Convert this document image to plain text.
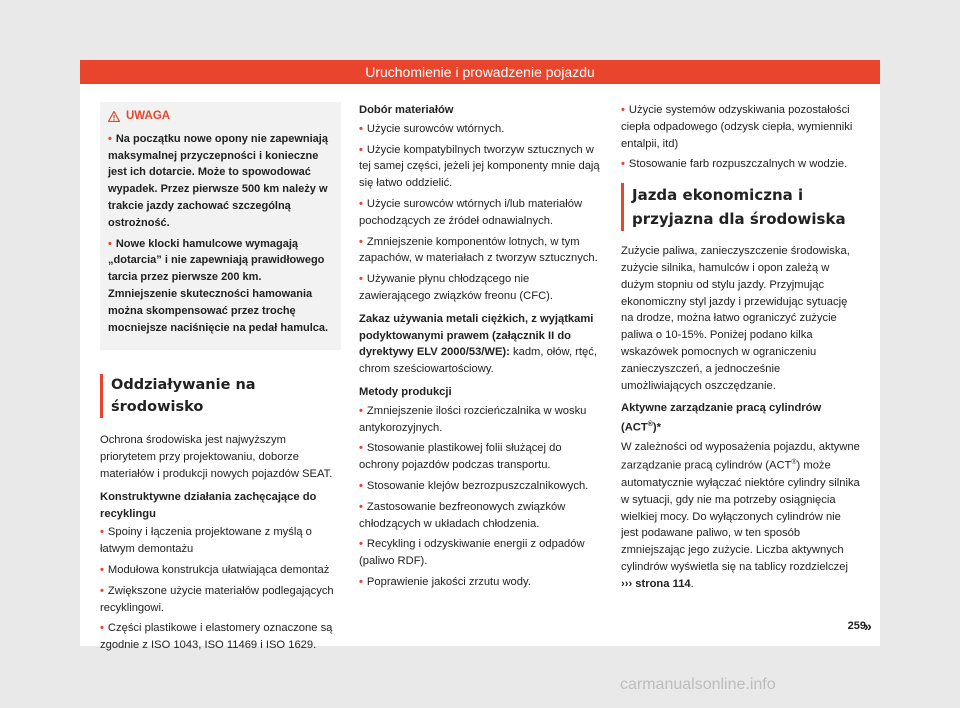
Uruchomienie i prowadzenie pojazdu
UWAGA

• Na początku nowe opony nie zapewniają maksymalnej przyczepności i konieczne jest ich dotarcie. Może to spowodować wypadek. Przez pierwsze 500 km należy w trakcie jazdy zachować szczególną ostrożność.

• Nowe klocki hamulcowe wymagają „dotarcia” i nie zapewniają prawidłowego tarcia przez pierwsze 200 km. Zmniejszenie skuteczności hamowania można skompensować przez trochę mocniejsze naciśnięcie na pedał hamulca.

Oddziaływanie na środowisko

Ochrona środowiska jest najwyższym priorytetem przy projektowaniu, doborze materiałów i produkcji nowych pojazdów SEAT.

Konstruktywne działania zachęcające do recyklingu

• Spoiny i łączenia projektowane z myślą o łatwym demontażu

• Modułowa konstrukcja ułatwiająca demontaż

• Zwiększone użycie materiałów podlegających recyklingowi.

• Części plastikowe i elastomery oznaczone są zgodnie z ISO 1043, ISO 11469 i ISO 1629.

Dobór materiałów

• Użycie surowców wtórnych.

• Użycie kompatybilnych tworzyw sztucznych w tej samej części, jeżeli jej komponenty mnie dają się łatwo oddzielić.

• Użycie surowców wtórnych i/lub materiałów pochodzących ze źródeł odnawialnych.

• Zmniejszenie komponentów lotnych, w tym zapachów, w materiałach z tworzyw sztucznych.

• Używanie płynu chłodzącego nie zawierającego związków freonu (CFC).

Zakaz używania metali ciężkich, z wyjątkami podyktowanymi prawem (załącznik II do dyrektywy ELV 2000/53/WE): kadm, ołów, rtęć, chrom sześciowartościowy.

Metody produkcji

• Zmniejszenie ilości rozcieńczalnika w wosku antykorozyjnych.

• Stosowanie plastikowej folii służącej do ochrony pojazdów podczas transportu.

• Stosowanie klejów bezrozpuszczalnikowych.

• Zastosowanie bezfreonowych związków chłodzących w układach chłodzenia.

• Recykling i odzyskiwanie energii z odpadów (paliwo RDF).

• Poprawienie jakości zrzutu wody.

• Użycie systemów odzyskiwania pozostałości ciepła odpadowego (odzysk ciepła, wymienniki entalpii, itd)

• Stosowanie farb rozpuszczalnych w wodzie.

Jazda ekonomiczna i przyjazna dla środowiska

Zużycie paliwa, zanieczyszczenie środowiska, zużycie silnika, hamulców i opon zależą w dużym stopniu od stylu jazdy. Przyjmując ekonomiczny styl jazdy i przewidując sytuację na drodze, można łatwo ograniczyć zużycie paliwa o 10-15%. Poniżej podano kilka wskazówek pomocnych w ograniczeniu zanieczyszczeń, a jednocześnie umożliwiających oszczędzanie.

Aktywne zarządzanie pracą cylindrów (ACT®)*

W zależności od wyposażenia pojazdu, aktywne zarządzanie pracą cylindrów (ACT®) może automatycznie wyłączać niektóre cylindry silnika w sytuacji, gdy nie ma potrzeby osiągnięcia wielkiej mocy. Do wyłączonych cylindrów nie jest podawane paliwo, w ten sposób zmniejszając jego zużycie. Liczba aktywnych cylindrów wyświetla się na tablicy rozdzielczej ››› strona 114.

»
259
carmanualsonline.info
